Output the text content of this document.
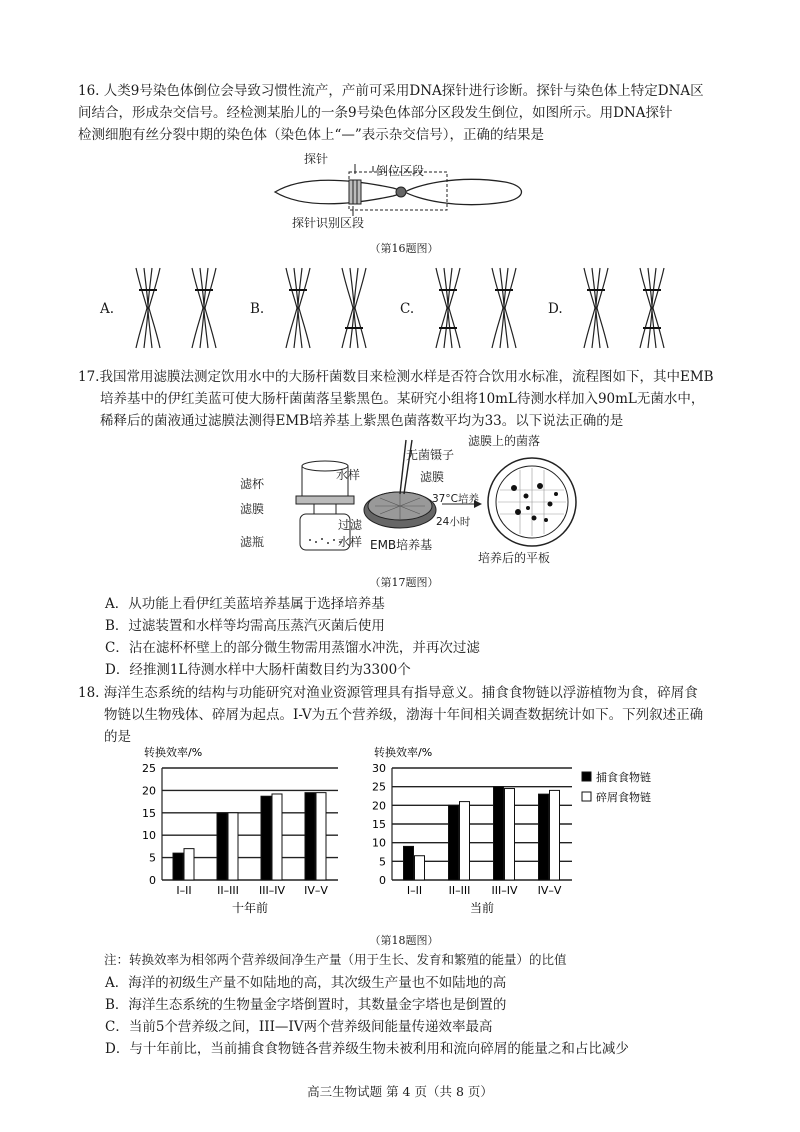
16. 人类9号染色体倒位会导致习惯性流产，产前可采用DNA探针进行诊断。探针与染色体上特定DNA区

间结合，形成杂交信号。经检测某胎儿的一条9号染色体部分区段发生倒位，如图所示。用DNA探针

检测细胞有丝分裂中期的染色体（染色体上“—”表示杂交信号），正确的结果是

探针
倒位区段
探针识别区段
（第16题图）
A.	B.	C.	D.

17.我国常用滤膜法测定饮用水中的大肠杆菌数目来检测水样是否符合饮用水标准，流程图如下，其中EMB

培养基中的伊红美蓝可使大肠杆菌菌落呈紫黑色。某研究小组将10mL待测水样加入90mL无菌水中，

稀释后的菌液通过滤膜法测得EMB培养基上紫黑色菌落数平均为33。以下说法正确的是

滤杯
滤膜
滤瓶
水样
过滤
水样
无菌镊子
滤膜
滤膜上的菌落
37°C培养
24小时
EMB培养基
培养后的平板
（第17题图）
A．从功能上看伊红美蓝培养基属于选择培养基
B．过滤装置和水样等均需高压蒸汽灭菌后使用
C．沾在滤杯杯壁上的部分微生物需用蒸馏水冲洗，并再次过滤
D．经推测1L待测水样中大肠杆菌数目约为3300个

18. 海洋生态系统的结构与功能研究对渔业资源管理具有指导意义。捕食食物链以浮游植物为食，碎屑食

物链以生物残体、碎屑为起点。I-V为五个营养级，渤海十年间相关调查数据统计如下。下列叙述正确

的是

转换效率/%
0
5
10
15
20
25
I–II II–III III–IV IV–V
十年前
转换效率/%
0
5
10
15
20
25
30
I–II II–III III–IV IV–V
当前
捕食食物链
碎屑食物链
（第18题图）
注：转换效率为相邻两个营养级间净生产量（用于生长、发育和繁殖的能量）的比值
A．海洋的初级生产量不如陆地的高，其次级生产量也不如陆地的高
B．海洋生态系统的生物量金字塔倒置时，其数量金字塔也是倒置的
C．当前5个营养级之间，III—IV两个营养级间能量传递效率最高
D．与十年前比，当前捕食食物链各营养级生物未被利用和流向碎屑的能量之和占比减少
高三生物试题 第 4 页（共 8 页）
